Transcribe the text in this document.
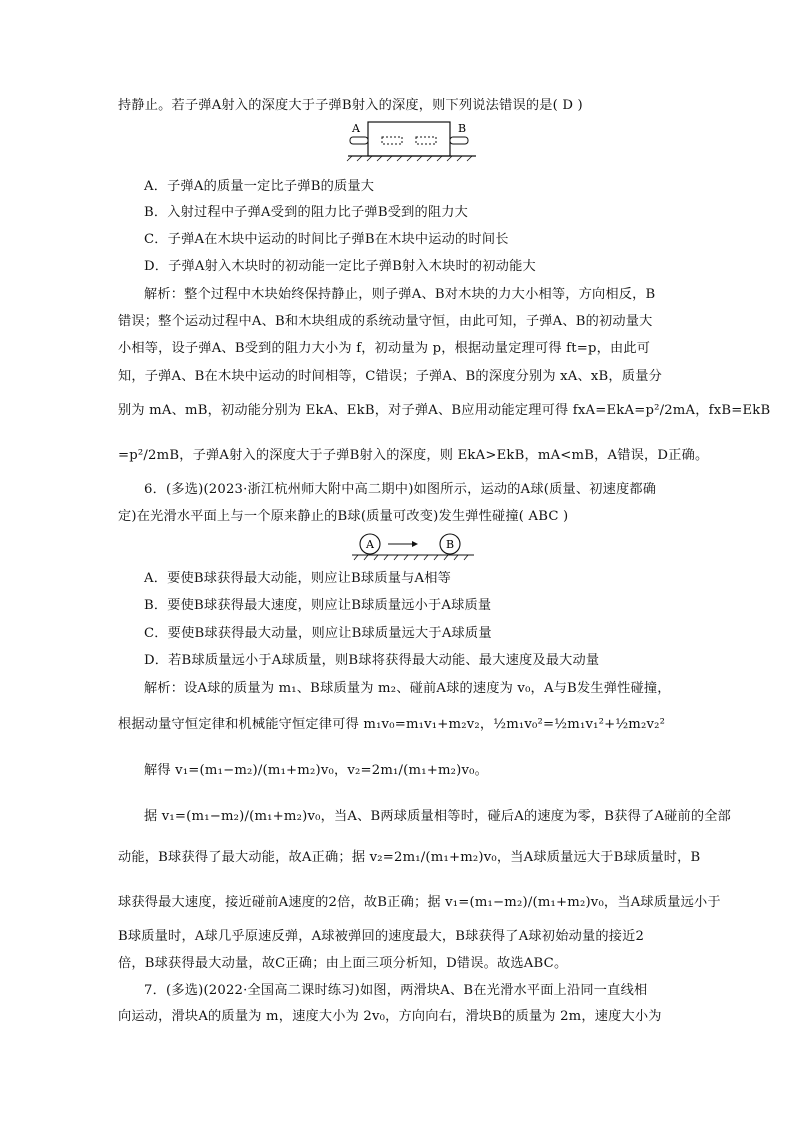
持静止。若子弹A射入的深度大于子弹B射入的深度，则下列说法错误的是( D )
A	B
A．子弹A的质量一定比子弹B的质量大
B．入射过程中子弹A受到的阻力比子弹B受到的阻力大
C．子弹A在木块中运动的时间比子弹B在木块中运动的时间长
D．子弹A射入木块时的初动能一定比子弹B射入木块时的初动能大
解析：整个过程中木块始终保持静止，则子弹A、B对木块的力大小相等，方向相反，B
错误；整个运动过程中A、B和木块组成的系统动量守恒，由此可知，子弹A、B的初动量大
小相等，设子弹A、B受到的阻力大小为 f，初动量为 p，根据动量定理可得 ft=p，由此可
知，子弹A、B在木块中运动的时间相等，C错误；子弹A、B的深度分别为 xA、xB，质量分
别为 mA、mB，初动能分别为 EkA、EkB，对子弹A、B应用动能定理可得 fxA=EkA=p²/2mA，fxB=EkB
=p²/2mB，子弹A射入的深度大于子弹B射入的深度，则 EkA>EkB，mA<mB，A错误，D正确。
6．(多选)(2023·浙江杭州师大附中高二期中)如图所示，运动的A球(质量、初速度都确
定)在光滑水平面上与一个原来静止的B球(质量可改变)发生弹性碰撞( ABC )
A	B
A．要使B球获得最大动能，则应让B球质量与A相等
B．要使B球获得最大速度，则应让B球质量远小于A球质量
C．要使B球获得最大动量，则应让B球质量远大于A球质量
D．若B球质量远小于A球质量，则B球将获得最大动能、最大速度及最大动量
解析：设A球的质量为 m₁、B球质量为 m₂、碰前A球的速度为 v₀，A与B发生弹性碰撞，
根据动量守恒定律和机械能守恒定律可得 m₁v₀=m₁v₁+m₂v₂，½m₁v₀²=½m₁v₁²+½m₂v₂²
解得 v₁=(m₁−m₂)/(m₁+m₂)v₀，v₂=2m₁/(m₁+m₂)v₀。
据 v₁=(m₁−m₂)/(m₁+m₂)v₀，当A、B两球质量相等时，碰后A的速度为零，B获得了A碰前的全部
动能，B球获得了最大动能，故A正确；据 v₂=2m₁/(m₁+m₂)v₀，当A球质量远大于B球质量时，B
球获得最大速度，接近碰前A速度的2倍，故B正确；据 v₁=(m₁−m₂)/(m₁+m₂)v₀，当A球质量远小于
B球质量时，A球几乎原速反弹，A球被弹回的速度最大，B球获得了A球初始动量的接近2
倍，B球获得最大动量，故C正确；由上面三项分析知，D错误。故选ABC。
7．(多选)(2022·全国高二课时练习)如图，两滑块A、B在光滑水平面上沿同一直线相
向运动，滑块A的质量为 m，速度大小为 2v₀，方向向右，滑块B的质量为 2m，速度大小为
